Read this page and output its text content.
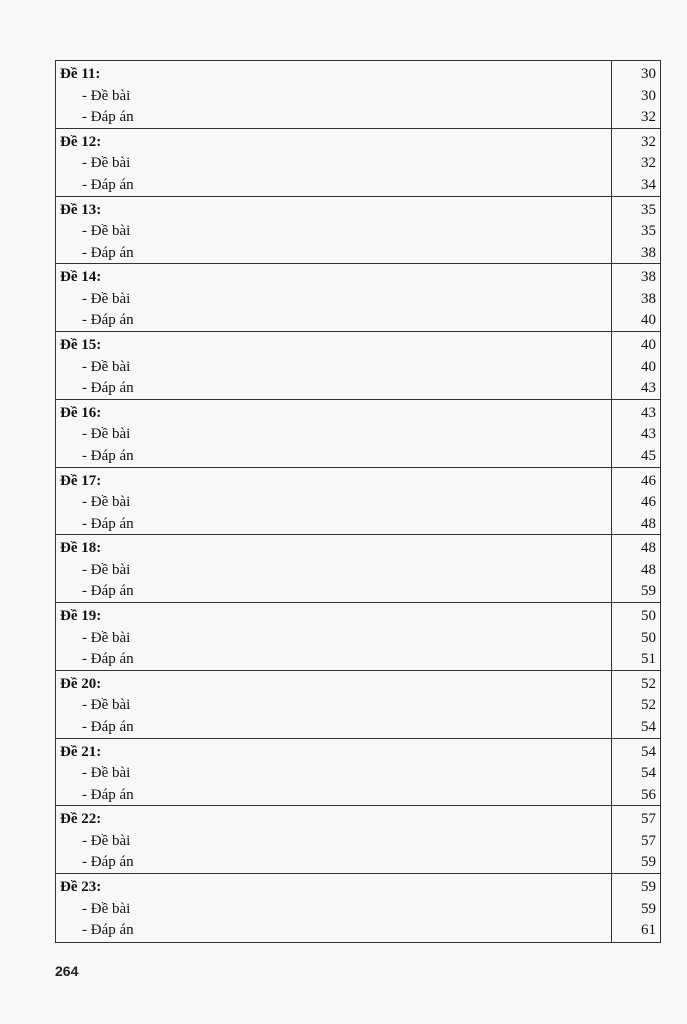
Đề 11:
- Đề bài
- Đáp án
30
30
32
Đề 12:
- Đề bài
- Đáp án
32
32
34
Đề 13:
- Đề bài
- Đáp án
35
35
38
Đề 14:
- Đề bài
- Đáp án
38
38
40
Đề 15:
- Đề bài
- Đáp án
40
40
43
Đề 16:
- Đề bài
- Đáp án
43
43
45
Đề 17:
- Đề bài
- Đáp án
46
46
48
Đề 18:
- Đề bài
- Đáp án
48
48
59
Đề 19:
- Đề bài
- Đáp án
50
50
51
Đề 20:
- Đề bài
- Đáp án
52
52
54
Đề 21:
- Đề bài
- Đáp án
54
54
56
Đề 22:
- Đề bài
- Đáp án
57
57
59
Đề 23:
- Đề bài
- Đáp án
59
59
61
264
